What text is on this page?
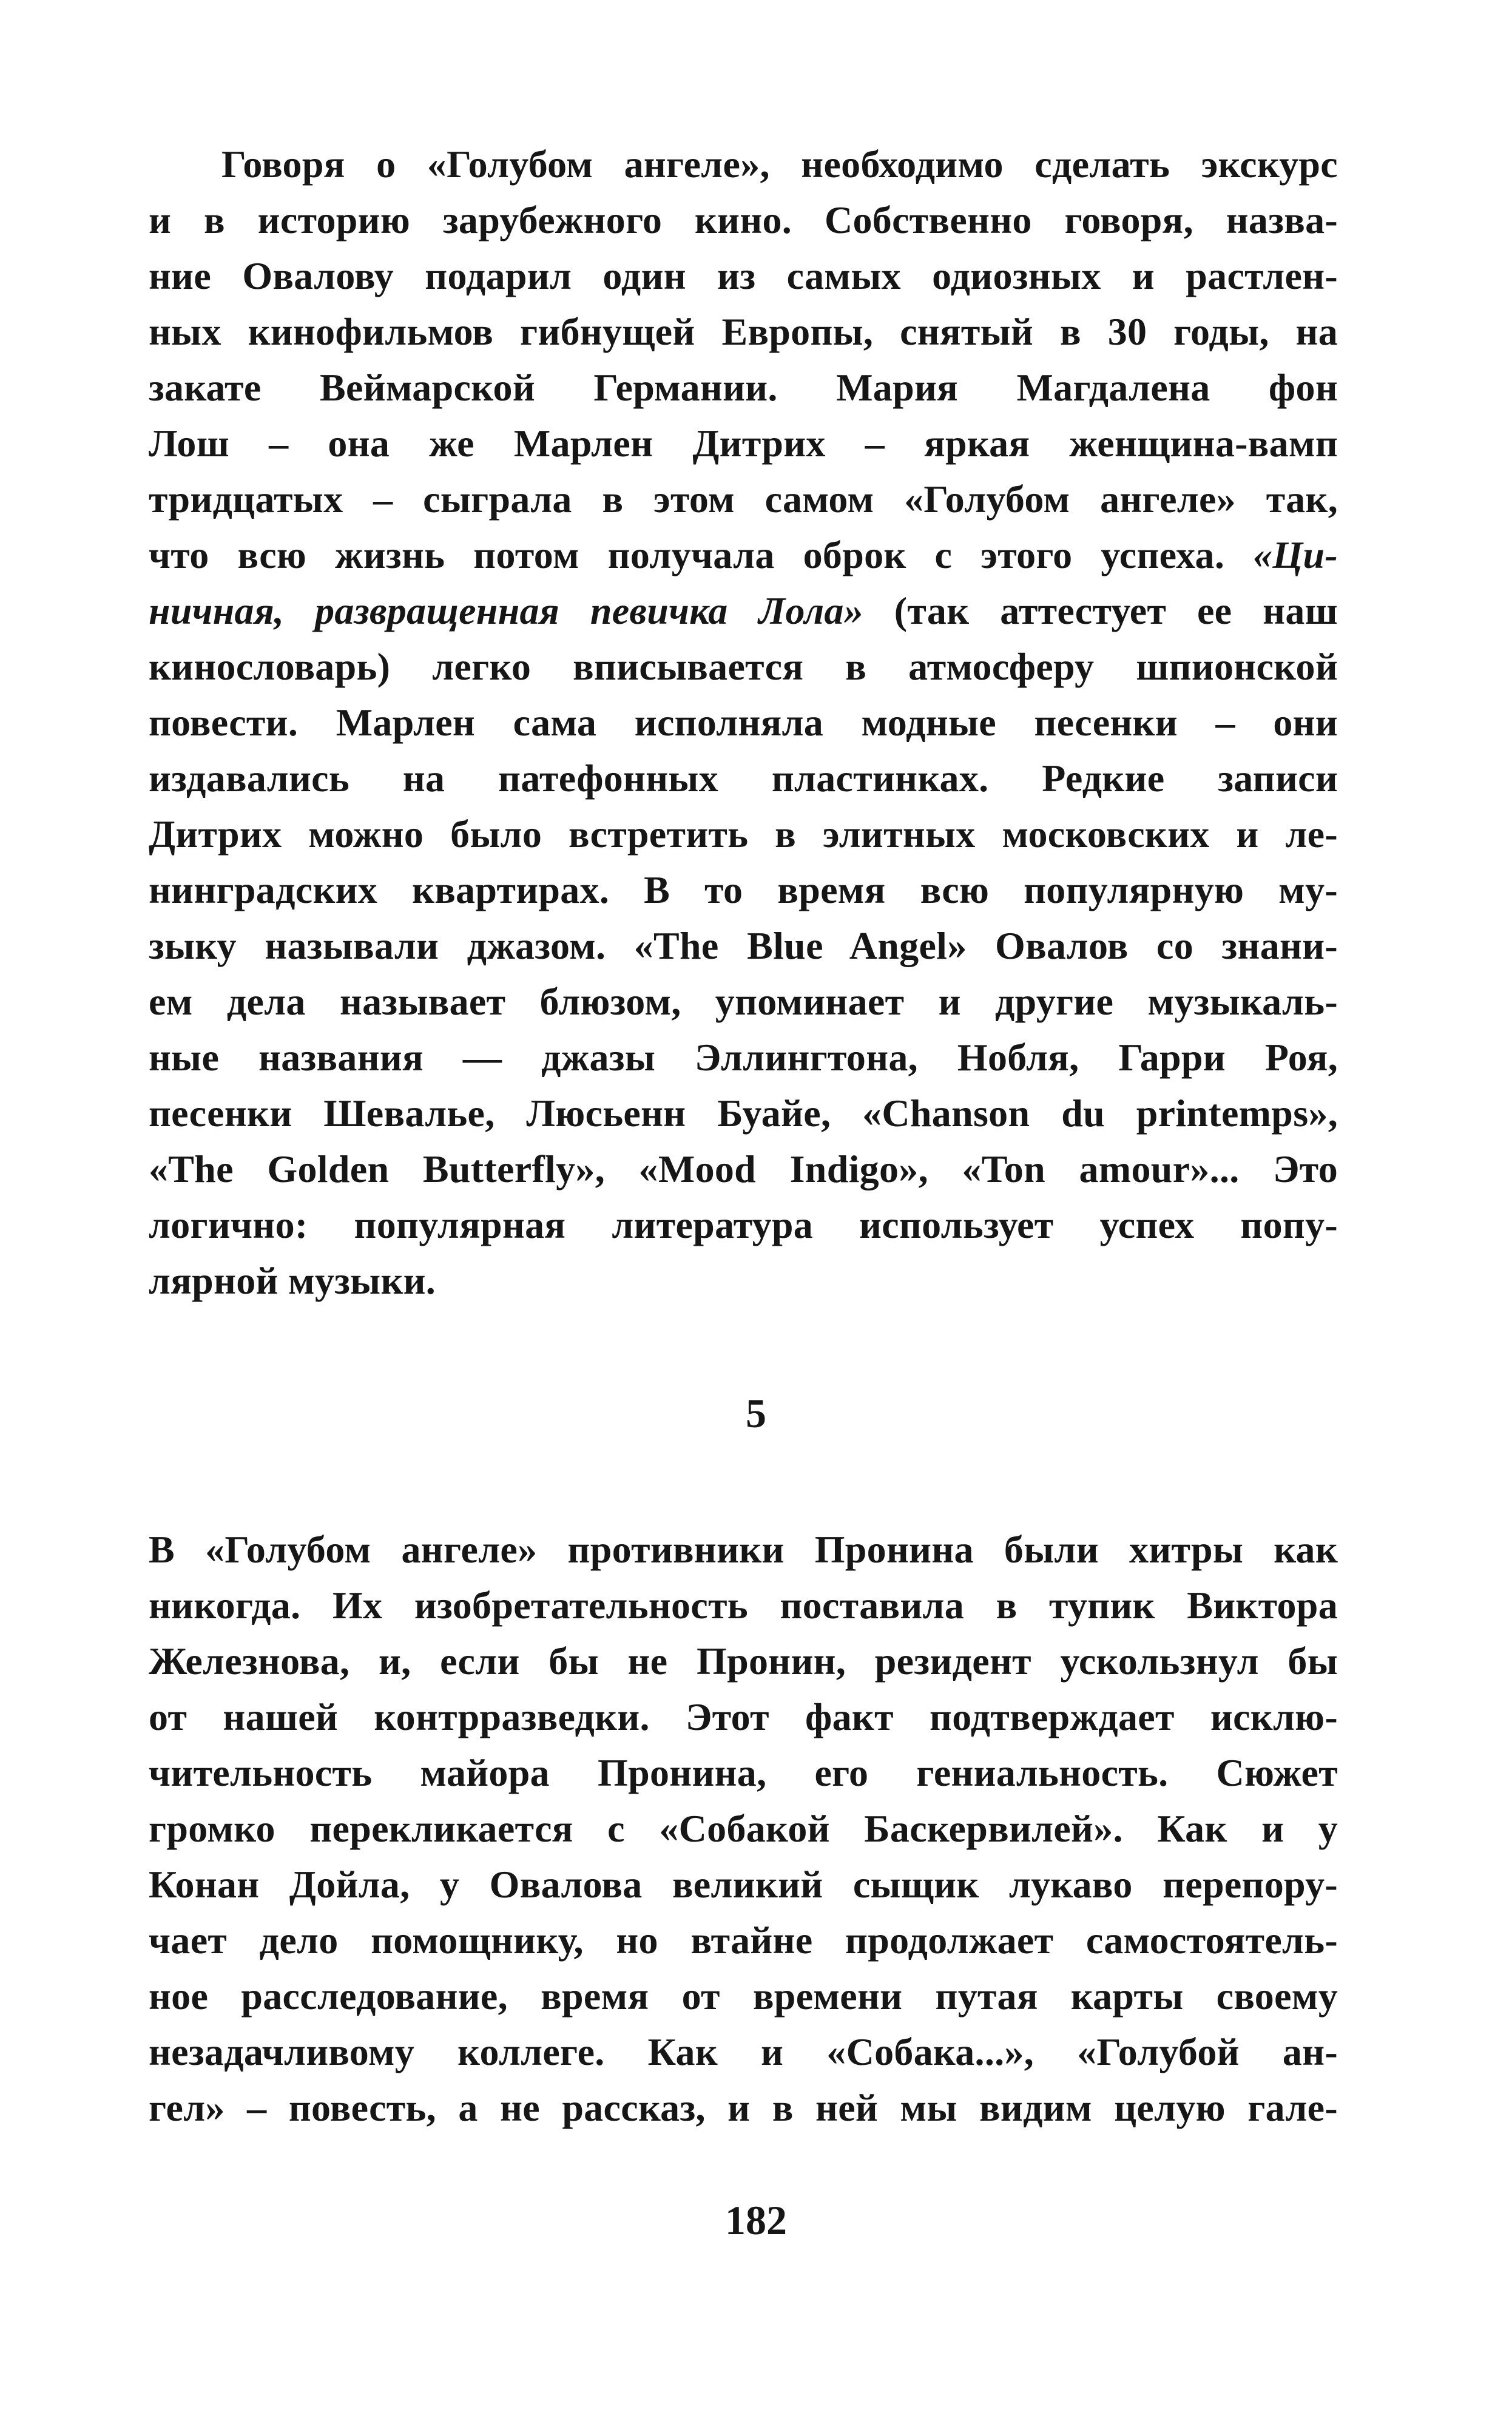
Говоря о «Голубом ангеле», необходимо сделать экскурс
и в историю зарубежного кино. Собственно говоря, назва-
ние Овалову подарил один из самых одиозных и растлен-
ных кинофильмов гибнущей Европы, снятый в 30 годы, на
закате Веймарской Германии. Мария Магдалена фон
Лош – она же Марлен Дитрих – яркая женщина-вамп
тридцатых – сыграла в этом самом «Голубом ангеле» так,
что всю жизнь потом получала оброк с этого успеха. «Ци-
ничная, развращенная певичка Лола» (так аттестует ее наш
кинословарь) легко вписывается в атмосферу шпионской
повести. Марлен сама исполняла модные песенки – они
издавались на патефонных пластинках. Редкие записи
Дитрих можно было встретить в элитных московских и ле-
нинградских квартирах. В то время всю популярную му-
зыку называли джазом. «The Blue Angel» Овалов со знани-
ем дела называет блюзом, упоминает и другие музыкаль-
ные названия — джазы Эллингтона, Нобля, Гарри Роя,
песенки Шевалье, Люсьенн Буайе, «Chanson du printemps»,
«The Golden Butterfly», «Mood Indigo», «Ton amour»... Это
логично: популярная литература использует успех попу-
лярной музыки.
5
В «Голубом ангеле» противники Пронина были хитры как
никогда. Их изобретательность поставила в тупик Виктора
Железнова, и, если бы не Пронин, резидент ускользнул бы
от нашей контрразведки. Этот факт подтверждает исклю-
чительность майора Пронина, его гениальность. Сюжет
громко перекликается с «Собакой Баскервилей». Как и у
Конан Дойла, у Овалова великий сыщик лукаво перепору-
чает дело помощнику, но втайне продолжает самостоятель-
ное расследование, время от времени путая карты своему
незадачливому коллеге. Как и «Собака...», «Голубой ан-
гел» – повесть, а не рассказ, и в ней мы видим целую гале-
182
